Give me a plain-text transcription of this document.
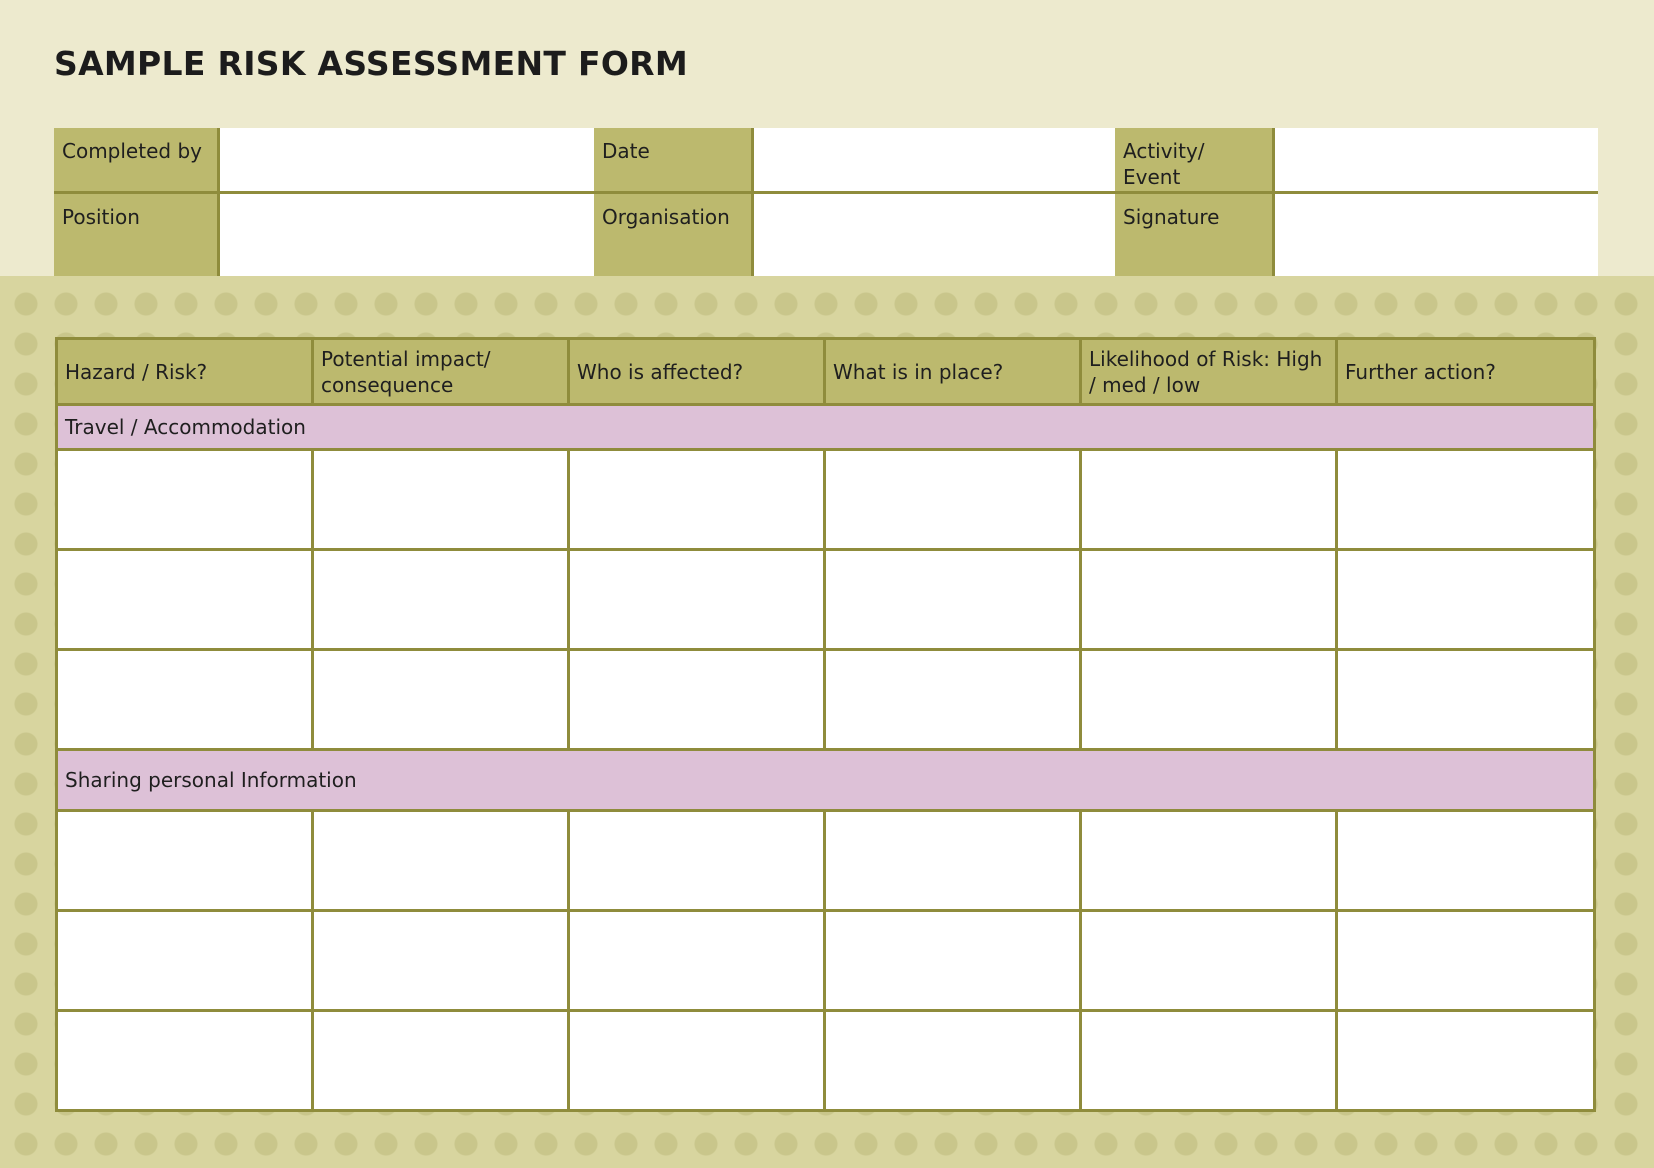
SAMPLE RISK ASSESSMENT FORM
Completed by	Date	Activity/ Event
Position	Organisation	Signature
Hazard / Risk?	Potential impact/ consequence	Who is affected?	What is in place?	Likelihood of Risk: High / med / low	Further action?
Travel / Accommodation					

Sharing personal Information					
